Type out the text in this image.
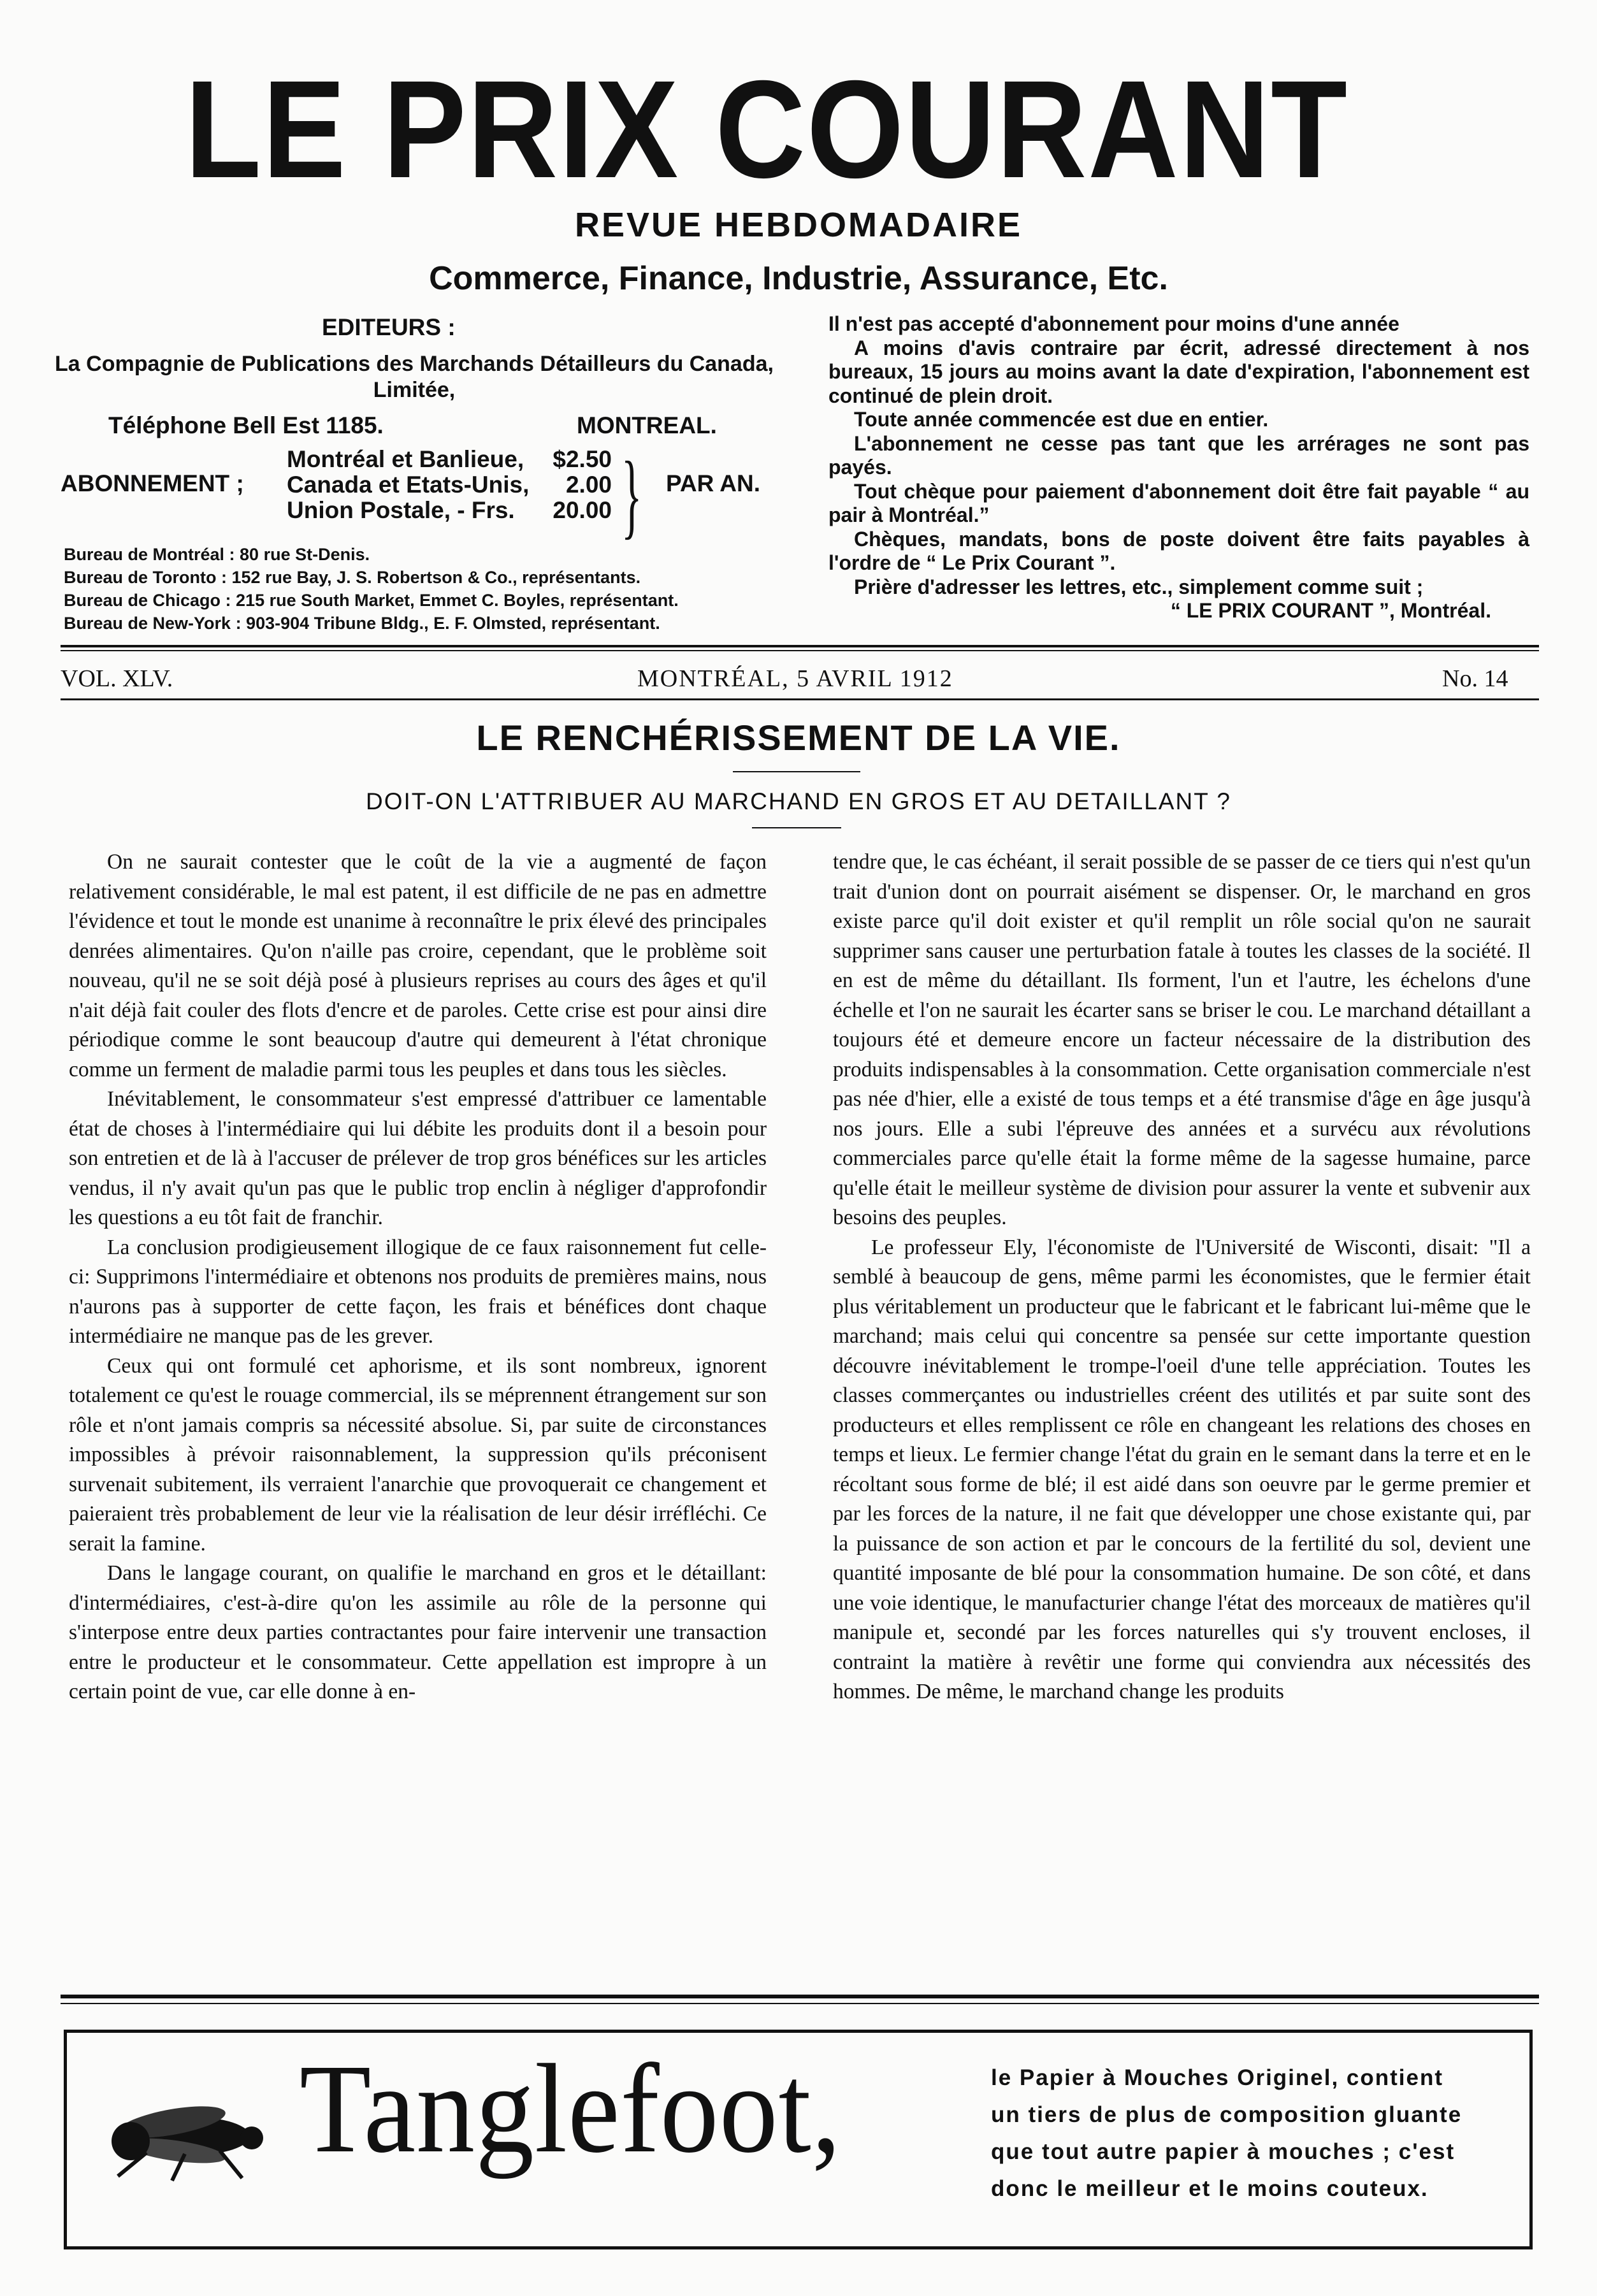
LE PRIX COURANT
REVUE HEBDOMADAIRE
Commerce, Finance, Industrie, Assurance, Etc.
EDITEURS :
La Compagnie de Publications des Marchands Détailleurs du Canada, Limitée,
Téléphone Bell Est 1185.	MONTREAL.
ABONNEMENT ;
Montréal et Banlieue, $2.50
Canada et Etats-Unis, 2.00
Union Postale, - Frs. 20.00 } PAR AN.
Bureau de Montréal : 80 rue St-Denis.
Bureau de Toronto : 152 rue Bay, J. S. Robertson & Co., représentants.
Bureau de Chicago : 215 rue South Market, Emmet C. Boyles, représentant.
Bureau de New-York : 903-904 Tribune Bldg., E. F. Olmsted, représentant.

Il n'est pas accepté d'abonnement pour moins d'une année

A moins d'avis contraire par écrit, adressé directement à nos bureaux, 15 jours au moins avant la date d'expiration, l'abonnement est continué de plein droit.

Toute année commencée est due en entier.

L'abonnement ne cesse pas tant que les arrérages ne sont pas payés.

Tout chèque pour paiement d'abonnement doit être fait payable “ au pair à Montréal.”

Chèques, mandats, bons de poste doivent être faits payables à l'ordre de “ Le Prix Courant ”.

Prière d'adresser les lettres, etc., simplement comme suit ;

“ LE PRIX COURANT ”, Montréal.

VOL. XLV.	MONTRÉAL, 5 AVRIL 1912	No. 14
LE RENCHÉRISSEMENT DE LA VIE.
DOIT-ON L'ATTRIBUER AU MARCHAND EN GROS ET AU DETAILLANT ?

On ne saurait contester que le coût de la vie a augmenté de façon relativement considérable, le mal est patent, il est difficile de ne pas en admettre l'évidence et tout le monde est unanime à reconnaître le prix élevé des principales denrées alimentaires. Qu'on n'aille pas croire, cependant, que le problème soit nouveau, qu'il ne se soit déjà posé à plusieurs reprises au cours des âges et qu'il n'ait déjà fait couler des flots d'encre et de paroles. Cette crise est pour ainsi dire périodique comme le sont beaucoup d'autre qui demeurent à l'état chronique comme un ferment de maladie parmi tous les peuples et dans tous les siècles.

Inévitablement, le consommateur s'est empressé d'attribuer ce lamentable état de choses à l'intermédiaire qui lui débite les produits dont il a besoin pour son entretien et de là à l'accuser de prélever de trop gros bénéfices sur les articles vendus, il n'y avait qu'un pas que le public trop enclin à négliger d'approfondir les questions a eu tôt fait de franchir.

La conclusion prodigieusement illogique de ce faux raisonnement fut celle-ci: Supprimons l'intermédiaire et obtenons nos produits de premières mains, nous n'aurons pas à supporter de cette façon, les frais et bénéfices dont chaque intermédiaire ne manque pas de les grever.

Ceux qui ont formulé cet aphorisme, et ils sont nombreux, ignorent totalement ce qu'est le rouage commercial, ils se méprennent étrangement sur son rôle et n'ont jamais compris sa nécessité absolue. Si, par suite de circonstances impossibles à prévoir raisonnablement, la suppression qu'ils préconisent survenait subitement, ils verraient l'anarchie que provoquerait ce changement et paieraient très probablement de leur vie la réalisation de leur désir irréfléchi. Ce serait la famine.

Dans le langage courant, on qualifie le marchand en gros et le détaillant: d'intermédiaires, c'est-à-dire qu'on les assimile au rôle de la personne qui s'interpose entre deux parties contractantes pour faire intervenir une transaction entre le producteur et le consommateur. Cette appellation est impropre à un certain point de vue, car elle donne à en-

tendre que, le cas échéant, il serait possible de se passer de ce tiers qui n'est qu'un trait d'union dont on pourrait aisément se dispenser. Or, le marchand en gros existe parce qu'il doit exister et qu'il remplit un rôle social qu'on ne saurait supprimer sans causer une perturbation fatale à toutes les classes de la société. Il en est de même du détaillant. Ils forment, l'un et l'autre, les échelons d'une échelle et l'on ne saurait les écarter sans se briser le cou. Le marchand détaillant a toujours été et demeure encore un facteur nécessaire de la distribution des produits indispensables à la consommation. Cette organisation commerciale n'est pas née d'hier, elle a existé de tous temps et a été transmise d'âge en âge jusqu'à nos jours. Elle a subi l'épreuve des années et a survécu aux révolutions commerciales parce qu'elle était la forme même de la sagesse humaine, parce qu'elle était le meilleur système de division pour assurer la vente et subvenir aux besoins des peuples.

Le professeur Ely, l'économiste de l'Université de Wisconti, disait: "Il a semblé à beaucoup de gens, même parmi les économistes, que le fermier était plus véritablement un producteur que le fabricant et le fabricant lui-même que le marchand; mais celui qui concentre sa pensée sur cette importante question découvre inévitablement le trompe-l'oeil d'une telle appréciation. Toutes les classes commerçantes ou industrielles créent des utilités et par suite sont des producteurs et elles remplissent ce rôle en changeant les relations des choses en temps et lieux. Le fermier change l'état du grain en le semant dans la terre et en le récoltant sous forme de blé; il est aidé dans son oeuvre par le germe premier et par les forces de la nature, il ne fait que développer une chose existante qui, par la puissance de son action et par le concours de la fertilité du sol, devient une quantité imposante de blé pour la consommation humaine. De son côté, et dans une voie identique, le manufacturier change l'état des morceaux de matières qu'il manipule et, secondé par les forces naturelles qui s'y trouvent encloses, il contraint la matière à revêtir une forme qui conviendra aux nécessités des hommes. De même, le marchand change les produits

Tanglefoot,	le Papier à Mouches Originel, contient
un tiers de plus de composition gluante
que tout autre papier à mouches ; c'est
donc le meilleur et le moins couteux.
